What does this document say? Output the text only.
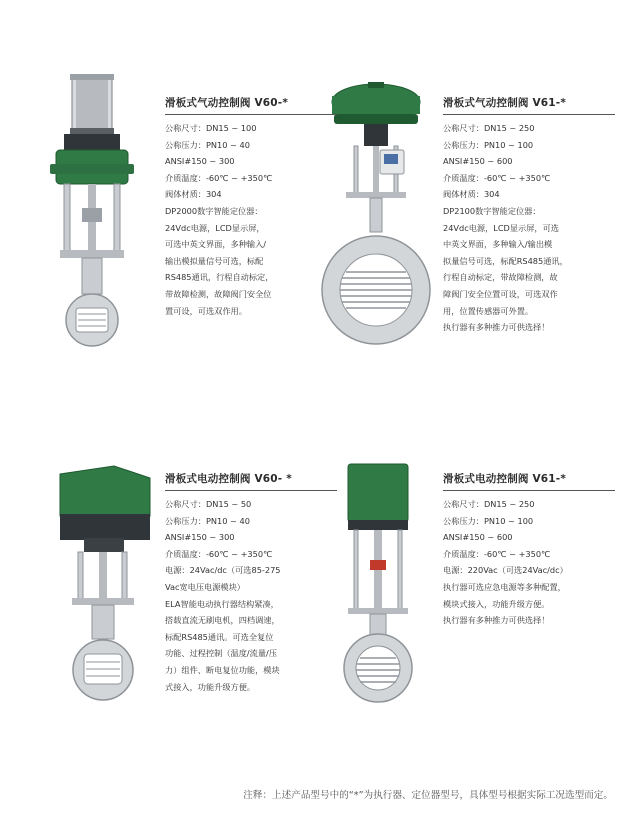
滑板式气动控制阀 V60-*
公称尺寸：DN15 ~ 100
公称压力：PN10 ~ 40
ANSI#150 ~ 300
介质温度：-60℃ ~ +350℃
阀体材质：304
DP2000数字智能定位器：
24Vdc电源，LCD显示屏，
可选中英文界面，多种输入/
输出模拟量信号可选，标配
RS485通讯，行程自动标定，
带故障检测，故障阀门安全位
置可设，可选双作用。
滑板式气动控制阀 V61-*
公称尺寸：DN15 ~ 250
公称压力：PN10 ~ 100
ANSI#150 ~ 600
介质温度：-60℃ ~ +350℃
阀体材质：304
DP2100数字智能定位器：
24Vdc电源，LCD显示屏，可选
中英文界面，多种输入/输出模
拟量信号可选，标配RS485通讯，
行程自动标定，带故障检测，故
障阀门安全位置可设，可选双作
用，位置传感器可外置。
执行器有多种推力可供选择！
滑板式电动控制阀 V60- *
公称尺寸：DN15 ~ 50
公称压力：PN10 ~ 40
ANSI#150 ~ 300
介质温度：-60℃ ~ +350℃
电源：24Vac/dc（可选85-275
Vac宽电压电源模块）
ELA智能电动执行器结构紧凑，
搭载直流无刷电机，四档调速，
标配RS485通讯。可选全复位
功能、过程控制（温度/流量/压
力）组件、断电复位功能，模块
式接入，功能升级方便。
滑板式电动控制阀 V61-*
公称尺寸：DN15 ~ 250
公称压力：PN10 ~ 100
ANSI#150 ~ 600
介质温度：-60℃ ~ +350℃
电源：220Vac（可选24Vac/dc）
执行器可选应急电源等多种配置，
模块式接入，功能升级方便。
执行器有多种推力可供选择！
注释：上述产品型号中的“*”为执行器、定位器型号，具体型号根据实际工况选型而定。
